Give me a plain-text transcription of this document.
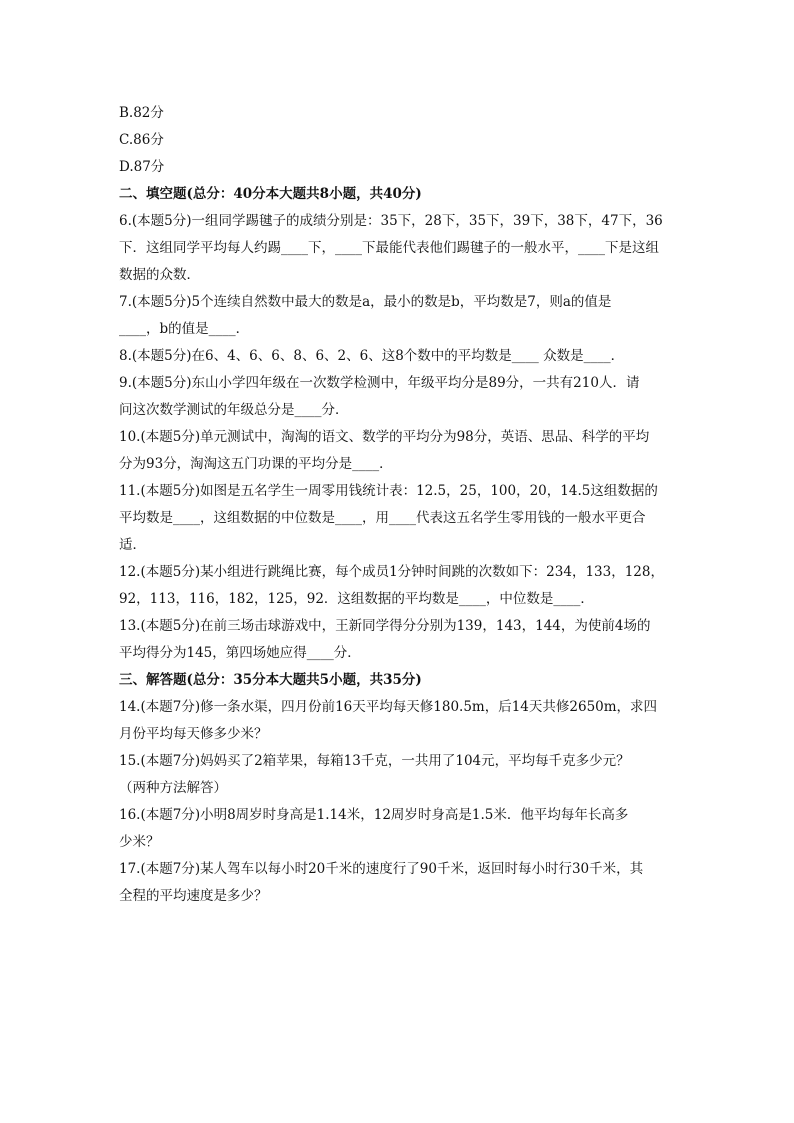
B.82分
C.86分
D.87分
二、填空题(总分：40分本大题共8小题，共40分)
6.(本题5分)一组同学踢毽子的成绩分别是：35下，28下，35下，39下，38下，47下，36
下．这组同学平均每人约踢____下，____下最能代表他们踢毽子的一般水平，____下是这组
数据的众数．
7.(本题5分)5个连续自然数中最大的数是a，最小的数是b，平均数是7，则a的值是
____，b的值是____．
8.(本题5分)在6、4、6、6、8、6、2、6、这8个数中的平均数是____ 众数是____．
9.(本题5分)东山小学四年级在一次数学检测中，年级平均分是89分，一共有210人．请
问这次数学测试的年级总分是____分．
10.(本题5分)单元测试中，淘淘的语文、数学的平均分为98分，英语、思品、科学的平均
分为93分，淘淘这五门功课的平均分是____．
11.(本题5分)如图是五名学生一周零用钱统计表：12.5，25，100，20，14.5这组数据的
平均数是____，这组数据的中位数是____，用____代表这五名学生零用钱的一般水平更合
适．
12.(本题5分)某小组进行跳绳比赛，每个成员1分钟时间跳的次数如下：234，133，128，
92，113，116，182，125，92．这组数据的平均数是____，中位数是____．
13.(本题5分)在前三场击球游戏中，王新同学得分分别为139，143，144，为使前4场的
平均得分为145，第四场她应得____分．
三、解答题(总分：35分本大题共5小题，共35分)
14.(本题7分)修一条水渠，四月份前16天平均每天修180.5m，后14天共修2650m，求四
月份平均每天修多少米？
15.(本题7分)妈妈买了2箱苹果，每箱13千克，一共用了104元，平均每千克多少元？
（两种方法解答）
16.(本题7分)小明8周岁时身高是1.14米，12周岁时身高是1.5米．他平均每年长高多
少米？
17.(本题7分)某人驾车以每小时20千米的速度行了90千米，返回时每小时行30千米，其
全程的平均速度是多少？
